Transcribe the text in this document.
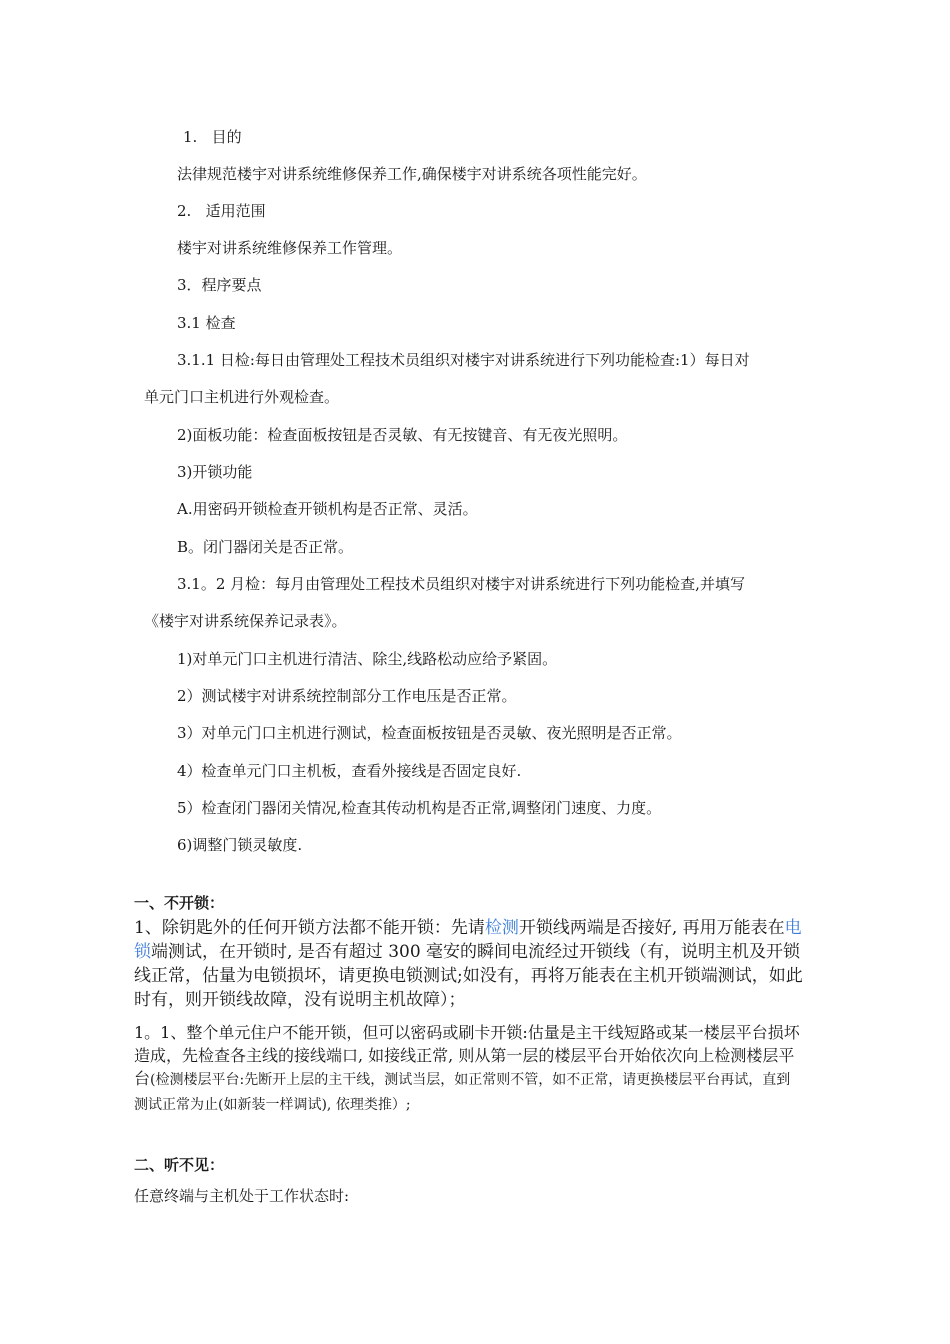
1. 目的
法律规范楼宇对讲系统维修保养工作,确保楼宇对讲系统各项性能完好。
2. 适用范围
楼宇对讲系统维修保养工作管理。
3．程序要点
3.1 检查
3.1.1 日检:每日由管理处工程技术员组织对楼宇对讲系统进行下列功能检查:1）每日对
单元门口主机进行外观检查。
2)面板功能：检查面板按钮是否灵敏、有无按键音、有无夜光照明。
3)开锁功能
A.用密码开锁检查开锁机构是否正常、灵活。
B。闭门器闭关是否正常。
3.1。2 月检：每月由管理处工程技术员组织对楼宇对讲系统进行下列功能检查,并填写
《楼宇对讲系统保养记录表》。
1)对单元门口主机进行清洁、除尘,线路松动应给予紧固。
2）测试楼宇对讲系统控制部分工作电压是否正常。
3）对单元门口主机进行测试，检查面板按钮是否灵敏、夜光照明是否正常。
4）检查单元门口主机板，查看外接线是否固定良好.
5）检查闭门器闭关情况,检查其传动机构是否正常,调整闭门速度、力度。
6)调整门锁灵敏度.
一、不开锁：
1、除钥匙外的任何开锁方法都不能开锁：先请检测开锁线两端是否接好, 再用万能表在电锁端测试，在开锁时, 是否有超过 300 毫安的瞬间电流经过开锁线（有，说明主机及开锁线正常，估量为电锁损坏，请更换电锁测试;如没有，再将万能表在主机开锁端测试，如此时有，则开锁线故障，没有说明主机故障）；
1。1、整个单元住户不能开锁，但可以密码或刷卡开锁:估量是主干线短路或某一楼层平台损坏造成，先检查各主线的接线端口, 如接线正常, 则从第一层的楼层平台开始依次向上检测楼层平台(检测楼层平台:先断开上层的主干线，测试当层，如正常则不管，如不正常，请更换楼层平台再试，直到测试正常为止(如新装一样调试), 依理类推）;
二、听不见：
任意终端与主机处于工作状态时:
